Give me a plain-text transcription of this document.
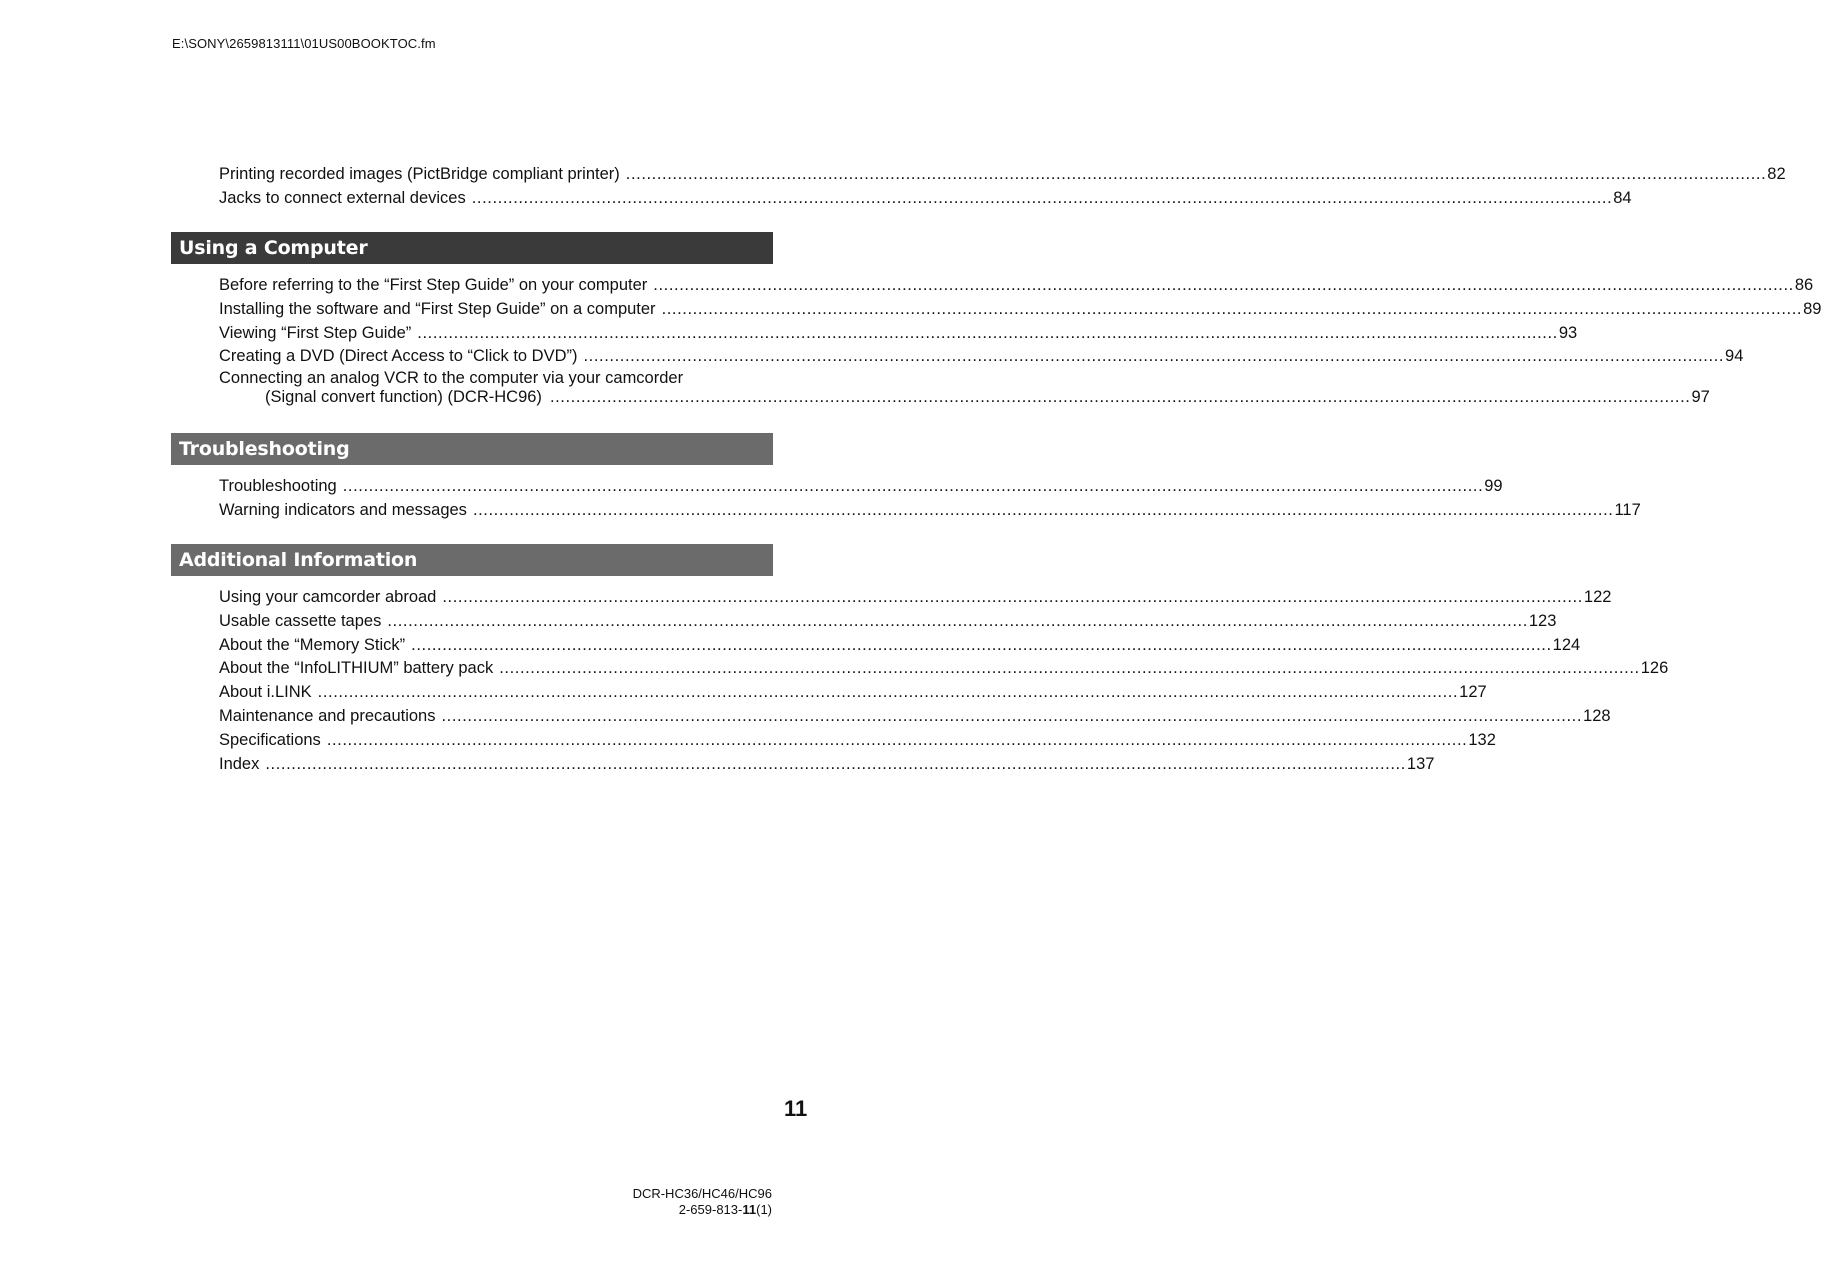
E:\SONY\2659813111\01US00BOOKTOC.fm
Printing recorded images (PictBridge compliant printer) ............................................................................................................................................................................................................................ 82
Jacks to connect external devices ............................................................................................................................................................................................................................ 84
Using a Computer
Before referring to the “First Step Guide” on your computer ............................................................................................................................................................................................................................ 86
Installing the software and “First Step Guide” on a computer ............................................................................................................................................................................................................................ 89
Viewing “First Step Guide” ............................................................................................................................................................................................................................ 93
Creating a DVD (Direct Access to “Click to DVD”) ............................................................................................................................................................................................................................ 94
Connecting an analog VCR to the computer via your camcorder
(Signal convert function) (DCR-HC96) ............................................................................................................................................................................................................................ 97
Troubleshooting
Troubleshooting ............................................................................................................................................................................................................................ 99
Warning indicators and messages ............................................................................................................................................................................................................................ 117
Additional Information
Using your camcorder abroad ............................................................................................................................................................................................................................ 122
Usable cassette tapes ............................................................................................................................................................................................................................ 123
About the “Memory Stick” ............................................................................................................................................................................................................................ 124
About the “InfoLITHIUM” battery pack ............................................................................................................................................................................................................................ 126
About i.LINK ............................................................................................................................................................................................................................ 127
Maintenance and precautions ............................................................................................................................................................................................................................ 128
Specifications ............................................................................................................................................................................................................................ 132
Index ............................................................................................................................................................................................................................ 137
11
DCR-HC36/HC46/HC96
2-659-813-11(1)
